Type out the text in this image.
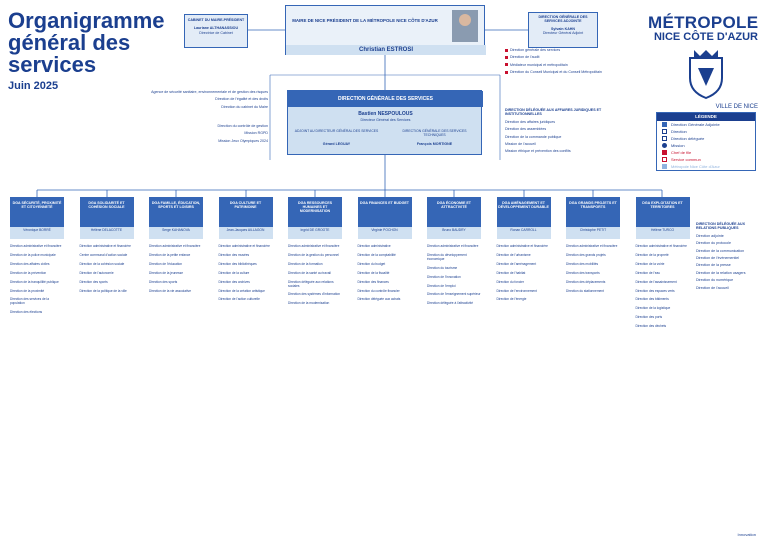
Organigramme général des services
Juin 2025
MÉTROPOLE
NICE CÔTE D'AZUR
VILLE DE NICE
CABINET DU MAIRE-PRÉSIDENT
Lauriane ALTHANASSIOU
Directrice de Cabinet
MAIRE DE NICE PRÉSIDENT DE LA MÉTROPOLE NICE CÔTE D'AZUR
Christian ESTROSI
DIRECTION GÉNÉRALE DES SERVICES ADJOINTE
Sylvain KAHN
Directeur Général Adjoint
Direction générale des services
Direction de l'audit
Médiateur municipal et métropolitain
Direction du Conseil Municipal et du Conseil Métropolitain
Agence de sécurité sanitaire, environnementale et de gestion des risques
Direction de l'égalité et des droits
Direction du cabinet du Maire
Direction du contrôle de gestion
Mission RGPD
Mission Jeux Olympiques 2024
DIRECTION GÉNÉRALE DES SERVICES
Bastien NESPOULOUS
Directeur Général des Services
ADJOINT AU DIRECTEUR GÉNÉRAL DES SERVICES	DIRECTION GÉNÉRALE DES SERVICES TECHNIQUES
Gérard LEGUAY	François MORTIGNE
DIRECTION DÉLÉGUÉE AUX AFFAIRES JURIDIQUES ET INSTITUTIONNELLES
Direction des affaires juridiques
Direction des assemblées
Direction de la commande publique
Mission de l'accueil
Mission éthique et prévention des conflits
LÉGENDE
Direction Générale Adjointe
Direction
Direction déléguée
Mission
Chef de file
Service commun
Métropole Nice Côte d'Azur
DGA SÉCURITÉ, PROXIMITÉ ET CITOYENNETÉ
Véronique BORRÉ
Direction administrative et financière
Direction de la police municipale
Direction des affaires civiles
Direction de la prévention
Direction de la tranquillité publique
Direction de la proximité
Direction des services de la population
Direction des élections
DGA SOLIDARITÉ ET COHÉSION SOCIALE
Hélène DELACOTTE
Direction administrative et financière
Centre communal d'action sociale
Direction de la cohésion sociale
Direction de l'autonomie
Direction des sports
Direction de la politique de la ville
DGA FAMILLE, ÉDUCATION, SPORTS ET LOISIRS
Serge KAHANOVA
Direction administrative et financière
Direction de la petite enfance
Direction de l'éducation
Direction de la jeunesse
Direction des sports
Direction de la vie associative
DGA CULTURE ET PATRIMOINE
Jean-Jacques AILLAGON
Direction administrative et financière
Direction des musées
Direction des bibliothèques
Direction de la culture
Direction des archives
Direction de la création artistique
Direction de l'action culturelle
DGA RESSOURCES HUMAINES ET MODERNISATION
Ingrid DE GROOTE
Direction administrative et financière
Direction de la gestion du personnel
Direction de la formation
Direction de la santé au travail
Direction déléguée aux relations sociales
Direction des systèmes d'information
Direction de la modernisation
DGA FINANCES ET BUDGET
Virginie POCHON
Direction administrative
Direction de la comptabilité
Direction du budget
Direction de la fiscalité
Direction des finances
Direction du contrôle financier
Direction déléguée aux achats
DGA ÉCONOMIE ET ATTRACTIVITÉ
Bruno BAUDRY
Direction administrative et financière
Direction du développement économique
Direction du tourisme
Direction de l'innovation
Direction de l'emploi
Direction de l'enseignement supérieur
Direction déléguée à l'attractivité
DGA AMÉNAGEMENT ET DÉVELOPPEMENT DURABLE
Ronan CARROLL
Direction administrative et financière
Direction de l'urbanisme
Direction de l'aménagement
Direction de l'habitat
Direction du foncier
Direction de l'environnement
Direction de l'énergie
DGA GRANDS PROJETS ET TRANSPORTS
Christophe PETIT
Direction administrative et financière
Direction des grands projets
Direction des mobilités
Direction des transports
Direction des déplacements
Direction du stationnement
DGA EXPLOITATION ET TERRITOIRES
Hélène TURCO
Direction administrative et financière
Direction de la propreté
Direction de la voirie
Direction de l'eau
Direction de l'assainissement
Direction des espaces verts
Direction des bâtiments
Direction de la logistique
Direction des ports
Direction des déchets
DIRECTION DÉLÉGUÉE AUX RELATIONS PUBLIQUES
Direction adjointe
Direction du protocole
Direction de la communication
Direction de l'événementiel
Direction de la presse
Direction de la relation usagers
Direction du numérique
Direction de l'accueil
Innovation
